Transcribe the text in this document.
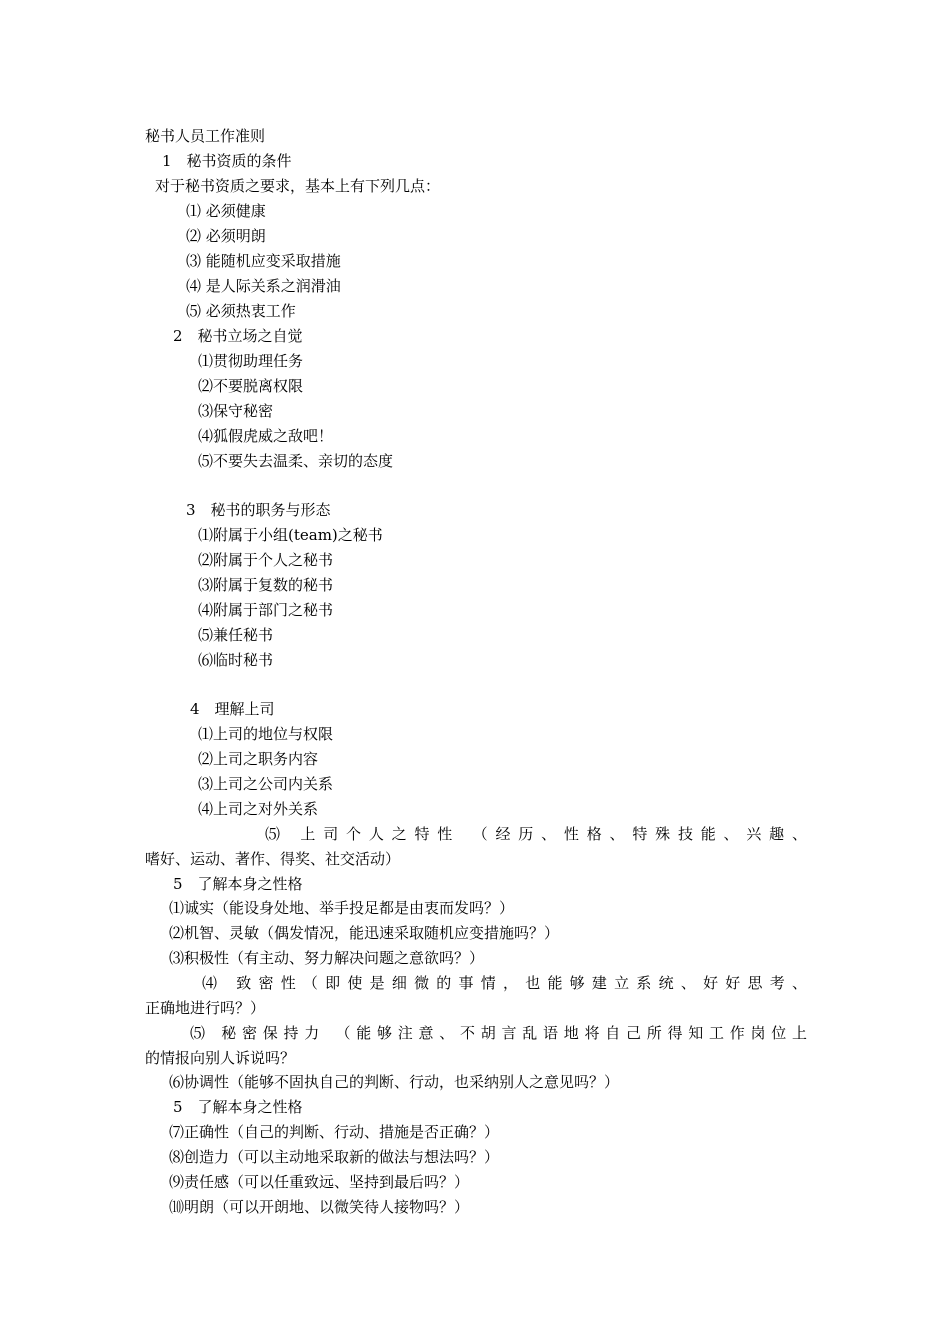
秘书人员工作准则
1　秘书资质的条件
对于秘书资质之要求，基本上有下列几点：
⑴ 必须健康
⑵ 必须明朗
⑶ 能随机应变采取措施
⑷ 是人际关系之润滑油
⑸ 必须热衷工作
2　秘书立场之自觉
⑴贯彻助理任务
⑵不要脱离权限
⑶保守秘密
⑷狐假虎威之敌吧！
⑸不要失去温柔、亲切的态度
3　秘书的职务与形态
⑴附属于小组(team)之秘书
⑵附属于个人之秘书
⑶附属于复数的秘书
⑷附属于部门之秘书
⑸兼任秘书
⑹临时秘书
4　理解上司
⑴上司的地位与权限
⑵上司之职务内容
⑶上司之公司内关系
⑷上司之对外关系
⑸ 上司个人之特性 （经历、性格、特殊技能、兴趣、
嗜好、运动、著作、得奖、社交活动）
5　了解本身之性格
⑴诚实（能设身处地、举手投足都是由衷而发吗？）
⑵机智、灵敏（偶发情况，能迅速采取随机应变措施吗？）
⑶积极性（有主动、努力解决问题之意欲吗？）
⑷ 致密性（即使是细微的事情，也能够建立系统、好好思考、
正确地进行吗？）
⑸ 秘密保持力 （能够注意、不胡言乱语地将自己所得知工作岗位上
的情报向别人诉说吗？
⑹协调性（能够不固执自己的判断、行动，也采纳别人之意见吗？）
5　了解本身之性格
⑺正确性（自己的判断、行动、措施是否正确？）
⑻创造力（可以主动地采取新的做法与想法吗？）
⑼责任感（可以任重致远、坚持到最后吗？）
⑽明朗（可以开朗地、以微笑待人接物吗？）
